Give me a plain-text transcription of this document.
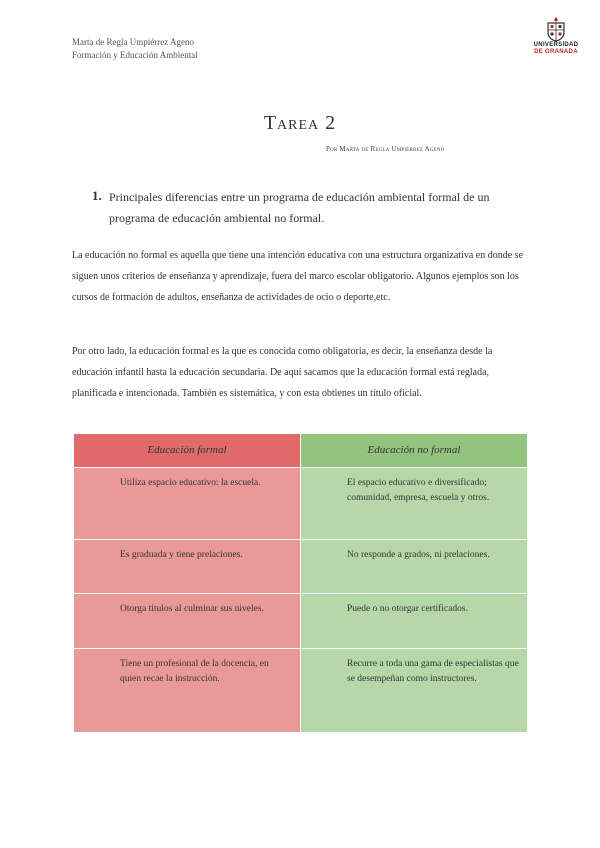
Marta de Regla Umpiérrez Ageno
Formación y Educación Ambiental
UNIVERSIDAD
DE GRANADA
Tarea 2
Por Marta de Regla Umpiérrez Ageno
1. Principales diferencias entre un programa de educación ambiental formal de un programa de educación ambiental no formal.
La educación no formal es aquella que tiene una intención educativa con una estructura organizativa en donde se siguen unos criterios de enseñanza y aprendizaje, fuera del marco escolar obligatorio. Algunos ejemplos son los cursos de formación de adultos, enseñanza de actividades de ocio o deporte,etc.
Por otro lado, la educación formal es la que es conocida como obligatoria, es decir, la enseñanza desde la educación infantil hasta la educación secundaria. De aquí sacamos que la educación formal está reglada, planificada e intencionada. También es sistemática, y con esta obtienes un título oficial.
Educación formal	Educación no formal
Utiliza espacio educativo: la escuela.	El espacio educativo e diversificado; comunidad, empresa, escuela y otros.
Es graduada y tiene prelaciones.	No responde a grados, ni prelaciones.
Otorga títulos al culminar sus niveles.	Puede o no otorgar certificados.
Tiene un profesional de la docencia, en quien recae la instrucción.	Recurre a toda una gama de especialistas que se desempeñan como instructores.
